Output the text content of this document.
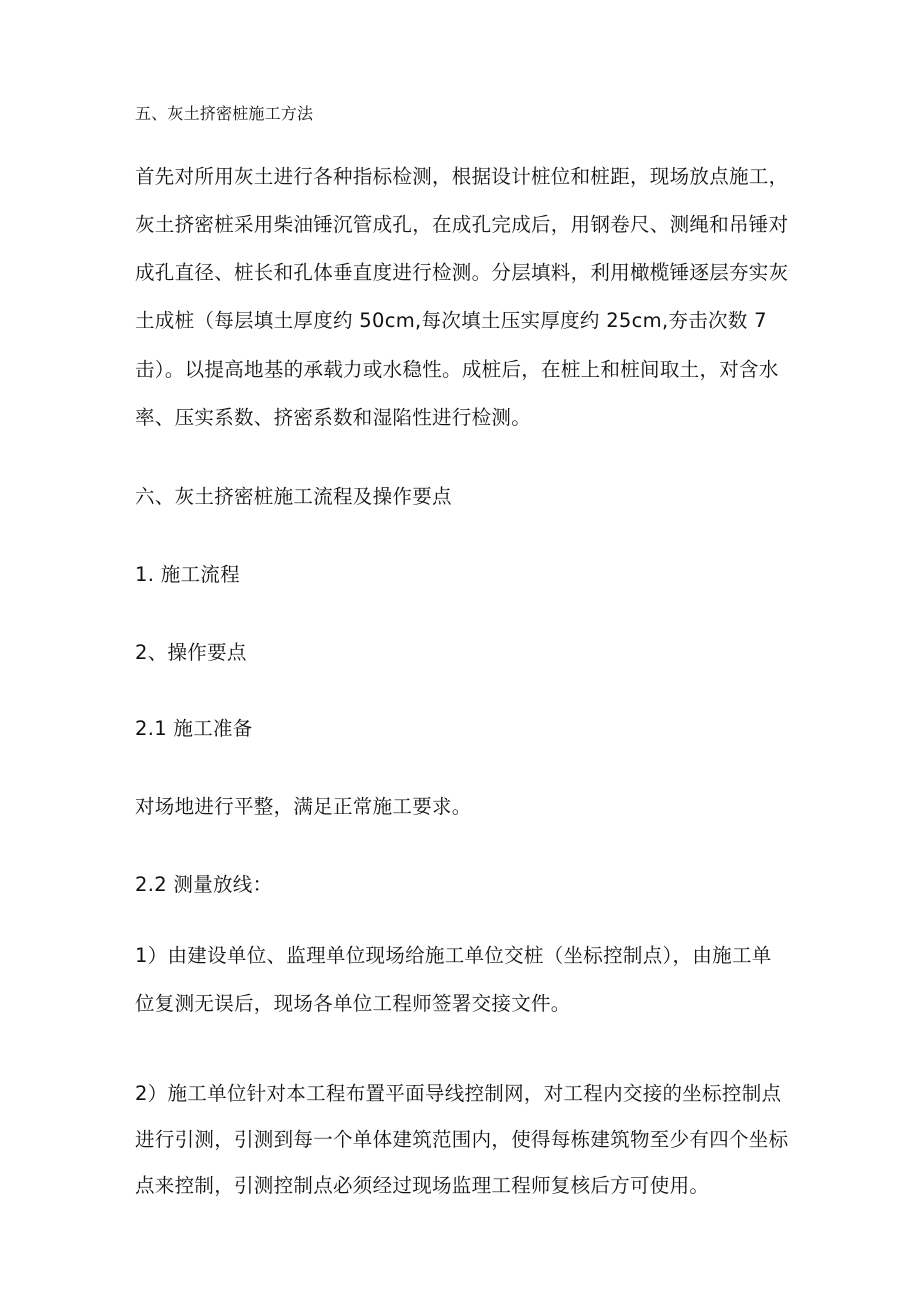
五、灰土挤密桩施工方法
首先对所用灰土进行各种指标检测，根据设计桩位和桩距，现场放点施工，
灰土挤密桩采用柴油锤沉管成孔，在成孔完成后，用钢卷尺、测绳和吊锤对
成孔直径、桩长和孔体垂直度进行检测。分层填料，利用橄榄锤逐层夯实灰
土成桩（每层填土厚度约 50cm,每次填土压实厚度约 25cm,夯击次数 7
击）。以提高地基的承载力或水稳性。成桩后，在桩上和桩间取土，对含水
率、压实系数、挤密系数和湿陷性进行检测。
六、灰土挤密桩施工流程及操作要点
1. 施工流程
2、操作要点
2.1 施工准备
对场地进行平整，满足正常施工要求。
2.2 测量放线：
1）由建设单位、监理单位现场给施工单位交桩（坐标控制点），由施工单
位复测无误后，现场各单位工程师签署交接文件。
2）施工单位针对本工程布置平面导线控制网，对工程内交接的坐标控制点
进行引测，引测到每一个单体建筑范围内，使得每栋建筑物至少有四个坐标
点来控制，引测控制点必须经过现场监理工程师复核后方可使用。
